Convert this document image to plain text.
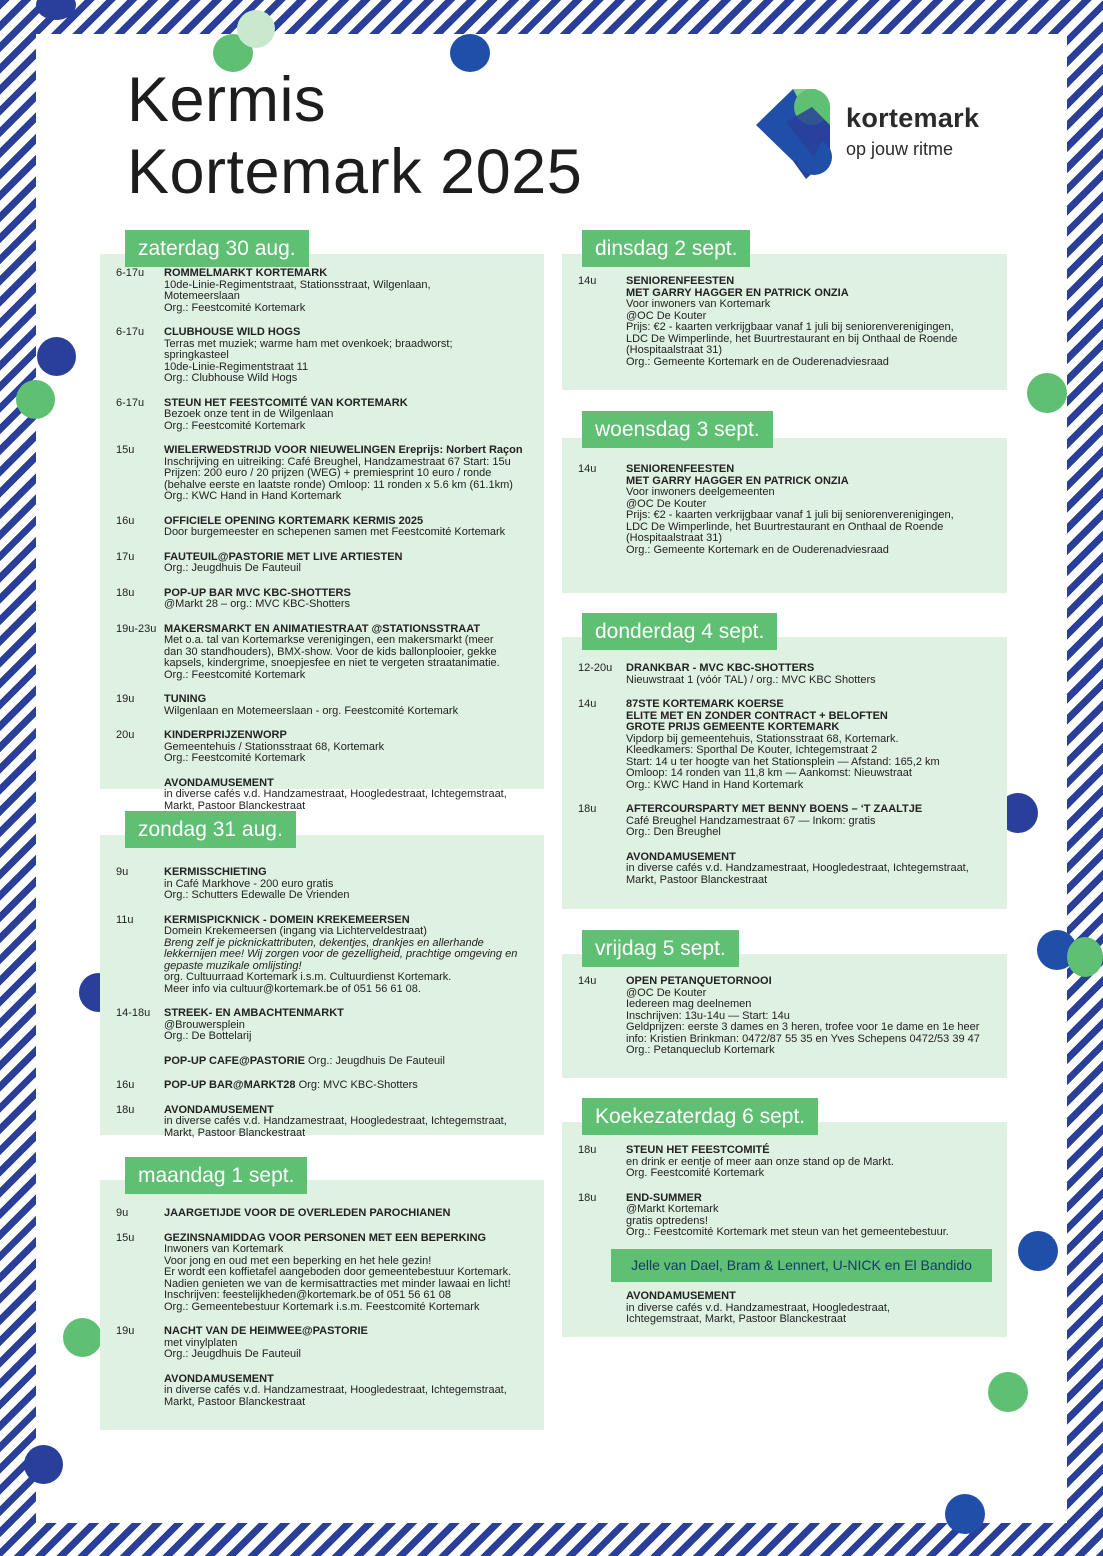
Kermis
Kortemark 2025
kortemark
op jouw ritme
zaterdag 30 aug.
6-17u ROMMELMARKT KORTEMARK
10de-Linie-Regimentstraat, Stationsstraat, Wilgenlaan,
Motemeerslaan
Org.: Feestcomité Kortemark
6-17u CLUBHOUSE WILD HOGS
Terras met muziek; warme ham met ovenkoek; braadworst;
springkasteel
10de-Linie-Regimentstraat 11
Org.: Clubhouse Wild Hogs
6-17u STEUN HET FEESTCOMITÉ VAN KORTEMARK
Bezoek onze tent in de Wilgenlaan
Org.: Feestcomité Kortemark
15u	WIELERWEDSTRIJD VOOR NIEUWELINGEN Ereprijs: Norbert Raçon
Inschrijving en uitreiking: Café Breughel, Handzamestraat 67 Start: 15u
Prijzen: 200 euro / 20 prijzen (WEG) + premiesprint 10 euro / ronde
(behalve eerste en laatste ronde) Omloop: 11 ronden x 5.6 km (61.1km)
Org.: KWC Hand in Hand Kortemark
16u	OFFICIELE OPENING KORTEMARK KERMIS 2025
Door burgemeester en schepenen samen met Feestcomité Kortemark
17u	FAUTEUIL@PASTORIE MET LIVE ARTIESTEN
Org.: Jeugdhuis De Fauteuil
18u	POP-UP BAR MVC KBC-SHOTTERS
@Markt 28 – org.: MVC KBC-Shotters
19u-23u MAKERSMARKT EN ANIMATIESTRAAT @STATIONSSTRAAT
Met o.a. tal van Kortemarkse verenigingen, een makersmarkt (meer
dan 30 standhouders), BMX-show. Voor de kids ballonplooier, gekke
kapsels, kindergrime, snoepjesfee en niet te vergeten straatanimatie.
Org.: Feestcomité Kortemark
19u	TUNING
Wilgenlaan en Motemeerslaan - org. Feestcomité Kortemark
20u	KINDERPRIJZENWORP
Gemeentehuis / Stationsstraat 68, Kortemark
Org.: Feestcomité Kortemark
AVONDAMUSEMENT
in diverse cafés v.d. Handzamestraat, Hoogledestraat, Ichtegemstraat,
Markt, Pastoor Blanckestraat
zondag 31 aug.
9u	KERMISSCHIETING
in Café Markhove - 200 euro gratis
Org.: Schutters Edewalle De Vrienden
11u	KERMISPICKNICK - DOMEIN KREKEMEERSEN
Domein Krekemeersen (ingang via Lichterveldestraat)
Breng zelf je picknickattributen, dekentjes, drankjes en allerhande
lekkernijen mee! Wij zorgen voor de gezelligheid, prachtige omgeving en
gepaste muzikale omlijsting!
org. Cultuurraad Kortemark i.s.m. Cultuurdienst Kortemark.
Meer info via cultuur@kortemark.be of 051 56 61 08.
14-18u STREEK- EN AMBACHTENMARKT
@Brouwersplein
Org.: De Bottelarij
POP-UP CAFE@PASTORIE Org.: Jeugdhuis De Fauteuil
16u	POP-UP BAR@MARKT28 Org: MVC KBC-Shotters
18u	AVONDAMUSEMENT
in diverse cafés v.d. Handzamestraat, Hoogledestraat, Ichtegemstraat,
Markt, Pastoor Blanckestraat
maandag 1 sept.
9u	JAARGETIJDE VOOR DE OVERLEDEN PAROCHIANEN
15u	GEZINSNAMIDDAG VOOR PERSONEN MET EEN BEPERKING
Inwoners van Kortemark
Voor jong en oud met een beperking en het hele gezin!
Er wordt een koffietafel aangeboden door gemeentebestuur Kortemark.
Nadien genieten we van de kermisattracties met minder lawaai en licht!
Inschrijven: feestelijkheden@kortemark.be of 051 56 61 08
Org.: Gemeentebestuur Kortemark i.s.m. Feestcomité Kortemark
19u	NACHT VAN DE HEIMWEE@PASTORIE
met vinylplaten
Org.: Jeugdhuis De Fauteuil
AVONDAMUSEMENT
in diverse cafés v.d. Handzamestraat, Hoogledestraat, Ichtegemstraat,
Markt, Pastoor Blanckestraat
dinsdag 2 sept.
14u	SENIORENFEESTEN
MET GARRY HAGGER EN PATRICK ONZIA
Voor inwoners van Kortemark
@OC De Kouter
Prijs: €2 - kaarten verkrijgbaar vanaf 1 juli bij seniorenverenigingen,
LDC De Wimperlinde, het Buurtrestaurant en bij Onthaal de Roende
(Hospitaalstraat 31)
Org.: Gemeente Kortemark en de Ouderenadviesraad
woensdag 3 sept.
14u	SENIORENFEESTEN
MET GARRY HAGGER EN PATRICK ONZIA
Voor inwoners deelgemeenten
@OC De Kouter
Prijs: €2 - kaarten verkrijgbaar vanaf 1 juli bij seniorenverenigingen,
LDC De Wimperlinde, het Buurtrestaurant en Onthaal de Roende
(Hospitaalstraat 31)
Org.: Gemeente Kortemark en de Ouderenadviesraad
donderdag 4 sept.
12-20u DRANKBAR - MVC KBC-SHOTTERS
Nieuwstraat 1 (vóór TAL) / org.: MVC KBC Shotters
14u	87STE KORTEMARK KOERSE
ELITE MET EN ZONDER CONTRACT + BELOFTEN
GROTE PRIJS GEMEENTE KORTEMARK
Vipdorp bij gemeentehuis, Stationsstraat 68, Kortemark.
Kleedkamers: Sporthal De Kouter, Ichtegemstraat 2
Start: 14 u ter hoogte van het Stationsplein — Afstand: 165,2 km
Omloop: 14 ronden van 11,8 km — Aankomst: Nieuwstraat
Org.: KWC Hand in Hand Kortemark
18u	AFTERCOURSPARTY MET BENNY BOENS – ‘T ZAALTJE
Café Breughel Handzamestraat 67 — Inkom: gratis
Org.: Den Breughel
AVONDAMUSEMENT
in diverse cafés v.d. Handzamestraat, Hoogledestraat, Ichtegemstraat,
Markt, Pastoor Blanckestraat
vrijdag 5 sept.
14u	OPEN PETANQUETORNOOI
@OC De Kouter
Iedereen mag deelnemen
Inschrijven: 13u-14u — Start: 14u
Geldprijzen: eerste 3 dames en 3 heren, trofee voor 1e dame en 1e heer
info: Kristien Brinkman: 0472/87 55 35 en Yves Schepens 0472/53 39 47
Org.: Petanqueclub Kortemark
Koekezaterdag 6 sept.
18u	STEUN HET FEESTCOMITÉ
en drink er eentje of meer aan onze stand op de Markt.
Org. Feestcomité Kortemark
18u	END-SUMMER
@Markt Kortemark
gratis optredens!
Org.: Feestcomité Kortemark met steun van het gemeentebestuur.
Jelle van Dael, Bram & Lennert, U-NICK en El Bandido
AVONDAMUSEMENT
in diverse cafés v.d. Handzamestraat, Hoogledestraat,
Ichtegemstraat, Markt, Pastoor Blanckestraat
